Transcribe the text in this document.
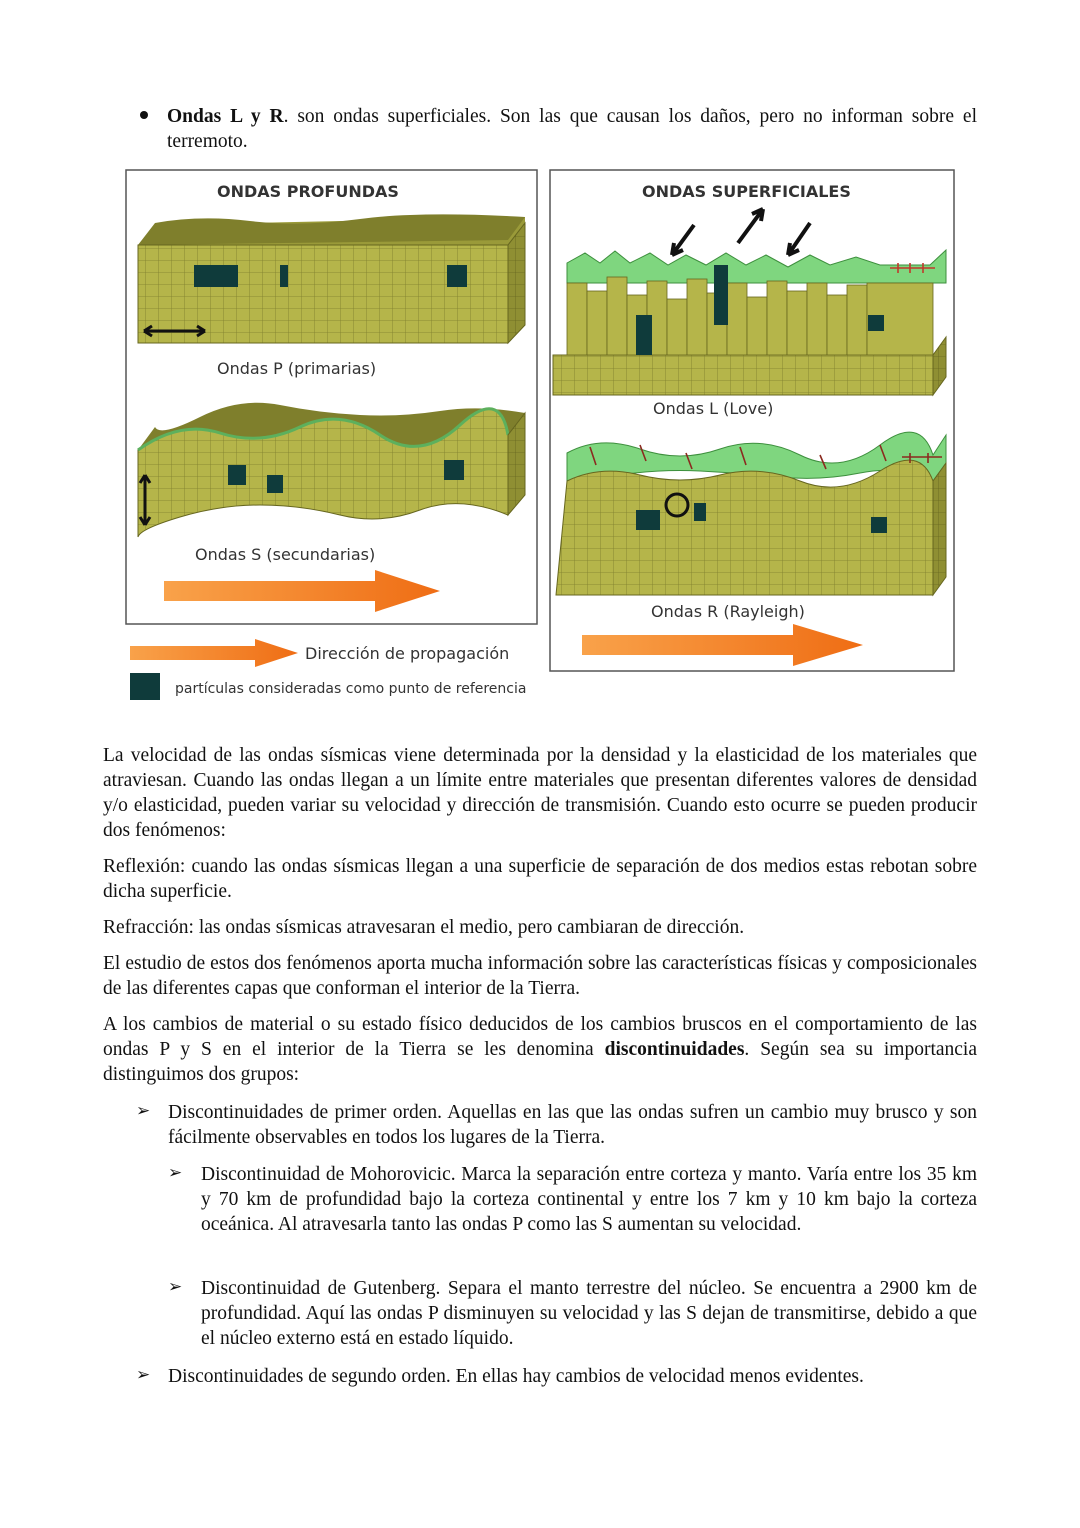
Ondas L y R. son ondas superficiales. Son las que causan los daños, pero no informan sobre el terremoto.
ONDAS PROFUNDAS
Ondas P (primarias)
Ondas S (secundarias)
Dirección de propagación
partículas consideradas como punto de referencia
ONDAS SUPERFICIALES
Ondas L (Love)
Ondas R (Rayleigh)
La velocidad de las ondas sísmicas viene determinada por la densidad y la elasticidad de los materiales que atraviesan. Cuando las ondas llegan a un límite entre materiales que presentan diferentes valores de densidad y/o elasticidad, pueden variar su velocidad y dirección de transmisión. Cuando esto ocurre se pueden producir dos fenómenos:
Reflexión: cuando las ondas sísmicas llegan a una superficie de separación de dos medios estas rebotan sobre dicha superficie.
Refracción: las ondas sísmicas atravesaran el medio, pero cambiaran de dirección.
El estudio de estos dos fenómenos aporta mucha información sobre las características físicas y composicionales de las diferentes capas que conforman el interior de la Tierra.
A los cambios de material o su estado físico deducidos de los cambios bruscos en el comportamiento de las ondas P y S en el interior de la Tierra se les denomina discontinuidades. Según sea su importancia distinguimos dos grupos:
➢ Discontinuidades de primer orden. Aquellas en las que las ondas sufren un cambio muy brusco y son fácilmente observables en todos los lugares de la Tierra.
➢ Discontinuidad de Mohorovicic. Marca la separación entre corteza y manto. Varía entre los 35 km y 70 km de profundidad bajo la corteza continental y entre los 7 km y 10 km bajo la corteza oceánica. Al atravesarla tanto las ondas P como las S aumentan su velocidad.
➢ Discontinuidad de Gutenberg. Separa el manto terrestre del núcleo. Se encuentra a 2900 km de profundidad. Aquí las ondas P disminuyen su velocidad y las S dejan de transmitirse, debido a que el núcleo externo está en estado líquido.
➢ Discontinuidades de segundo orden. En ellas hay cambios de velocidad menos evidentes.
